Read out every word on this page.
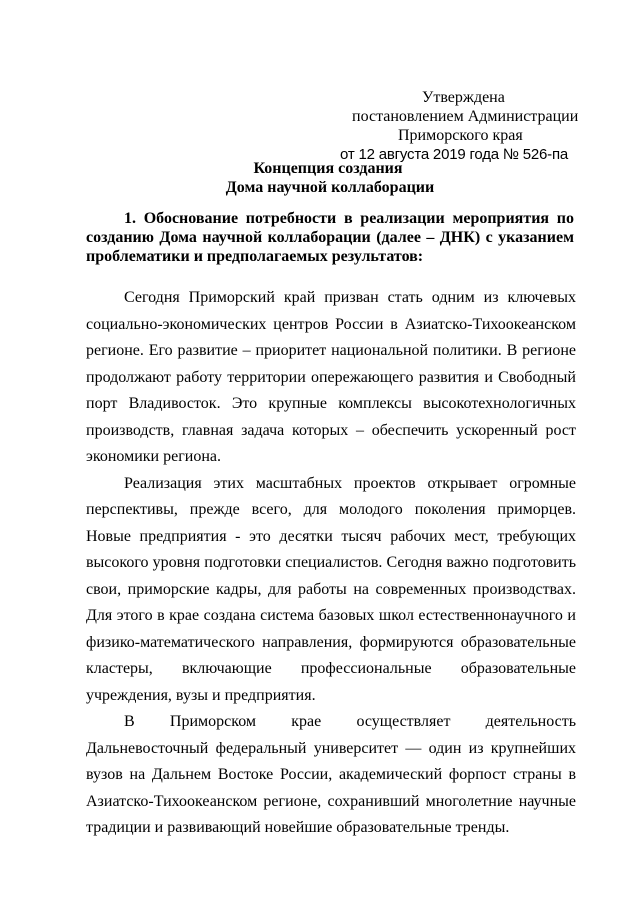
Утверждена
постановлением Администрации
Приморского края
от 12 августа 2019 года № 526-па
Концепция создания
Дома научной коллаборации
1. Обоснование потребности в реализации мероприятия по созданию Дома научной коллаборации (далее – ДНК) с указанием проблематики и предполагаемых результатов:

Сегодня Приморский край призван стать одним из ключевых социально-экономических центров России в Азиатско-Тихоокеанском регионе. Его развитие – приоритет национальной политики. В регионе продолжают работу территории опережающего развития и Свободный порт Владивосток. Это крупные комплексы высокотехнологичных производств, главная задача которых – обеспечить ускоренный рост экономики региона.

Реализация этих масштабных проектов открывает огромные перспективы, прежде всего, для молодого поколения приморцев. Новые предприятия - это десятки тысяч рабочих мест, требующих высокого уровня подготовки специалистов. Сегодня важно подготовить свои, приморские кадры, для работы на современных производствах. Для этого в крае создана система базовых школ естественнонаучного и физико-математического направления, формируются образовательные кластеры, включающие профессиональные образовательные учреждения, вузы и предприятия.

В Приморском крае осуществляет деятельность Дальневосточный федеральный университет — один из крупнейших вузов на Дальнем Востоке России, академический форпост страны в Азиатско-Тихоокеанском регионе, сохранивший многолетние научные традиции и развивающий новейшие образовательные тренды.
